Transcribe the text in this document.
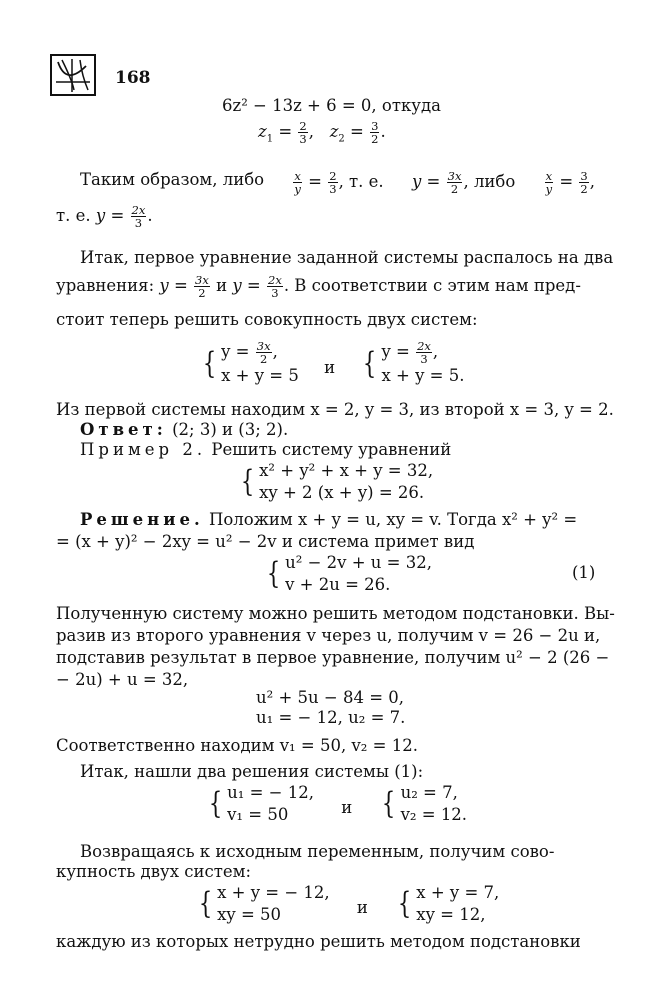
168
6z² − 13z + 6 = 0, откуда
$z_1 = \frac{2}{3}$ ,   $z_2 = \frac{3}{2}$ .
Таким образом, либо	$\frac{x}{y} = \frac{2}{3}$ , т. е. $y = \frac{3x}{2}$ , либо	$\frac{x}{y} = \frac{3}{2}$ ,
т. е. $y = \frac{2x}{3}$ .
Итак, первое уравнение заданной системы распалось на два
уравнения: $y = \frac{3x}{2}$ и $y = \frac{2x}{3}$ . В соответствии с этим нам пред-
стоит теперь решить совокупность двух систем:
{ $y = \frac{3x}{2}$ ,
x + y = 5 и { $y = \frac{2x}{3}$ ,
x + y = 5.
Из первой системы находим x = 2, y = 3, из второй x = 3, y = 2.
Ответ: (2; 3) и (3; 2).
Пример 2. Решить систему уравнений
{ x² + y² + x + y = 32,
xy + 2 (x + y) = 26.
Решение. Положим x + y = u, xy = v. Тогда x² + y² =
= (x + y)² − 2xy = u² − 2v и система примет вид
{ u² − 2v + u = 32,
v + 2u = 26.
(1)
Полученную систему можно решить методом подстановки. Вы-
разив из второго уравнения v через u, получим v = 26 − 2u и,
подставив результат в первое уравнение, получим u² − 2 (26 −
− 2u) + u = 32,
u² + 5u − 84 = 0,
u₁ = − 12, u₂ = 7.
Соответственно находим v₁ = 50, v₂ = 12.
Итак, нашли два решения системы (1):
{ u₁ = − 12,
v₁ = 50	и { u₂ = 7,
v₂ = 12.
Возвращаясь к исходным переменным, получим сово-
купность двух систем:
{ x + y = − 12,
xy = 50	и { x + y = 7,
xy = 12,
каждую из которых нетрудно решить методом подстановки
